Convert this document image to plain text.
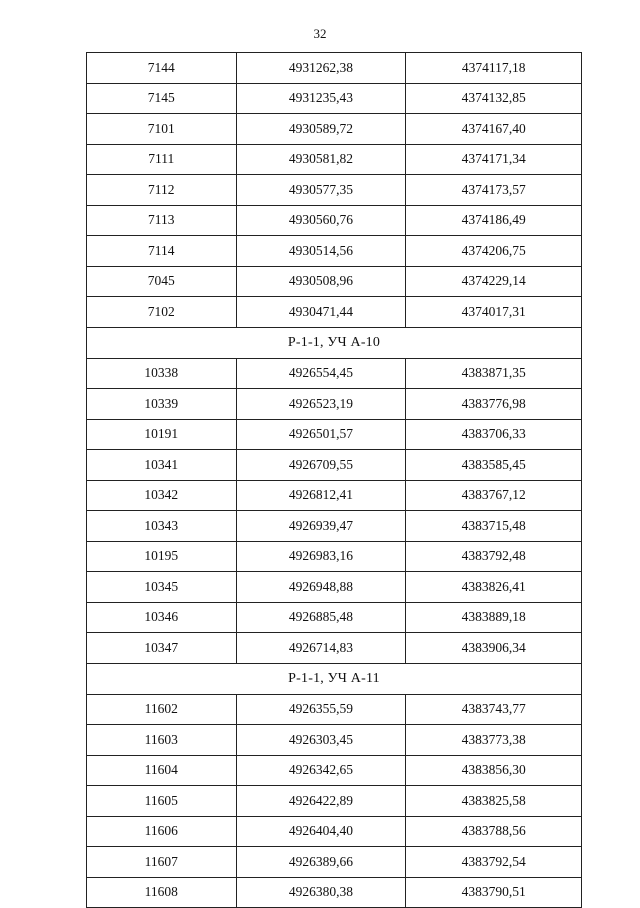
32
7144	4931262,38	4374117,18
7145	4931235,43	4374132,85
7101	4930589,72	4374167,40
7111	4930581,82	4374171,34
7112	4930577,35	4374173,57
7113	4930560,76	4374186,49
7114	4930514,56	4374206,75
7045	4930508,96	4374229,14
7102	4930471,44	4374017,31
Р-1-1, УЧ А-10		
10338	4926554,45	4383871,35
10339	4926523,19	4383776,98
10191	4926501,57	4383706,33
10341	4926709,55	4383585,45
10342	4926812,41	4383767,12
10343	4926939,47	4383715,48
10195	4926983,16	4383792,48
10345	4926948,88	4383826,41
10346	4926885,48	4383889,18
10347	4926714,83	4383906,34
Р-1-1, УЧ А-11		
11602	4926355,59	4383743,77
11603	4926303,45	4383773,38
11604	4926342,65	4383856,30
11605	4926422,89	4383825,58
11606	4926404,40	4383788,56
11607	4926389,66	4383792,54
11608	4926380,38	4383790,51
